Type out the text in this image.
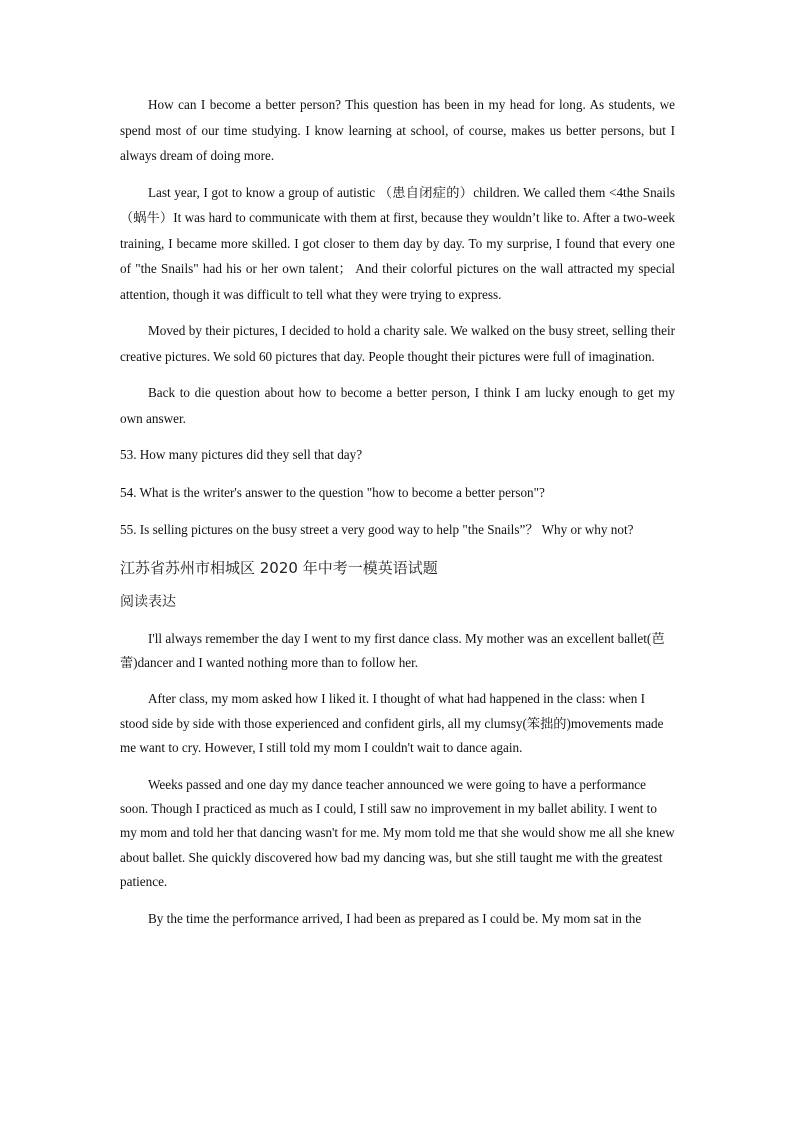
How can I become a better person? This question has been in my head for long. As students, we spend most of our time studying. I know learning at school, of course, makes us better persons, but I always dream of doing more.

Last year, I got to know a group of autistic （患自闭症的）children. We called them <4the Snails （蜗牛）It was hard to communicate with them at first, because they wouldn’t like to. After a two-week training, I became more skilled. I got closer to them day by day. To my surprise, I found that every one of "the Snails" had his or her own talent； And their colorful pictures on the wall attracted my special attention, though it was difficult to tell what they were trying to express.

Moved by their pictures, I decided to hold a charity sale. We walked on the busy street, selling their creative pictures. We sold 60 pictures that day. People thought their pictures were full of imagination.

Back to die question about how to become a better person, I think I am lucky enough to get my own answer.

53. How many pictures did they sell that day?

54. What is the writer's answer to the question "how to become a better person"?

55. Is selling pictures on the busy street a very good way to help "the Snails”？ Why or why not?

江苏省苏州市相城区 2020 年中考一模英语试题
阅读表达

I'll always remember the day I went to my first dance class. My mother was an excellent ballet(芭蕾)dancer and I wanted nothing more than to follow her.

After class, my mom asked how I liked it. I thought of what had happened in the class: when I stood side by side with those experienced and confident girls, all my clumsy(笨拙的)movements made me want to cry. However, I still told my mom I couldn't wait to dance again.

Weeks passed and one day my dance teacher announced we were going to have a performance soon. Though I practiced as much as I could, I still saw no improvement in my ballet ability. I went to my mom and told her that dancing wasn't for me. My mom told me that she would show me all she knew about ballet. She quickly discovered how bad my dancing was, but she still taught me with the greatest patience.

By the time the performance arrived, I had been as prepared as I could be. My mom sat in the
